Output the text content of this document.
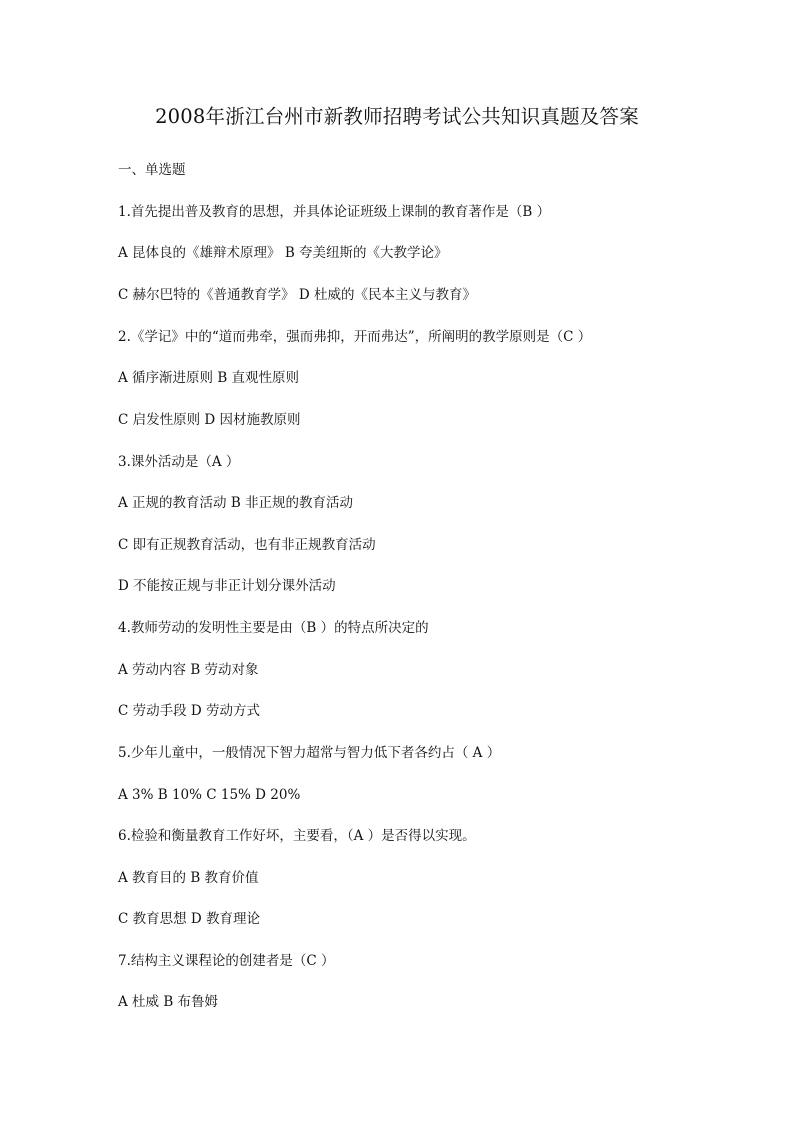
2008年浙江台州市新教师招聘考试公共知识真题及答案
一、单选题
1.首先提出普及教育的思想，并具体论证班级上课制的教育著作是（B ）
A 昆体良的《雄辩术原理》 B 夸美纽斯的《大教学论》
C 赫尔巴特的《普通教育学》 D 杜威的《民本主义与教育》
2.《学记》中的“道而弗牵，强而弗抑，开而弗达”，所阐明的教学原则是（C ）
A 循序渐进原则 B 直观性原则
C 启发性原则 D 因材施教原则
3.课外活动是（A ）
A 正规的教育活动 B 非正规的教育活动
C 即有正规教育活动，也有非正规教育活动
D 不能按正规与非正计划分课外活动
4.教师劳动的发明性主要是由（B ）的特点所决定的
A 劳动内容 B 劳动对象
C 劳动手段 D 劳动方式
5.少年儿童中，一般情况下智力超常与智力低下者各约占（ A ）
A 3% B 10% C 15% D 20%
6.检验和衡量教育工作好坏，主要看，（A ）是否得以实现。
A 教育目的 B 教育价值
C 教育思想 D 教育理论
7.结构主义课程论的创建者是（C ）
A 杜威 B 布鲁姆
